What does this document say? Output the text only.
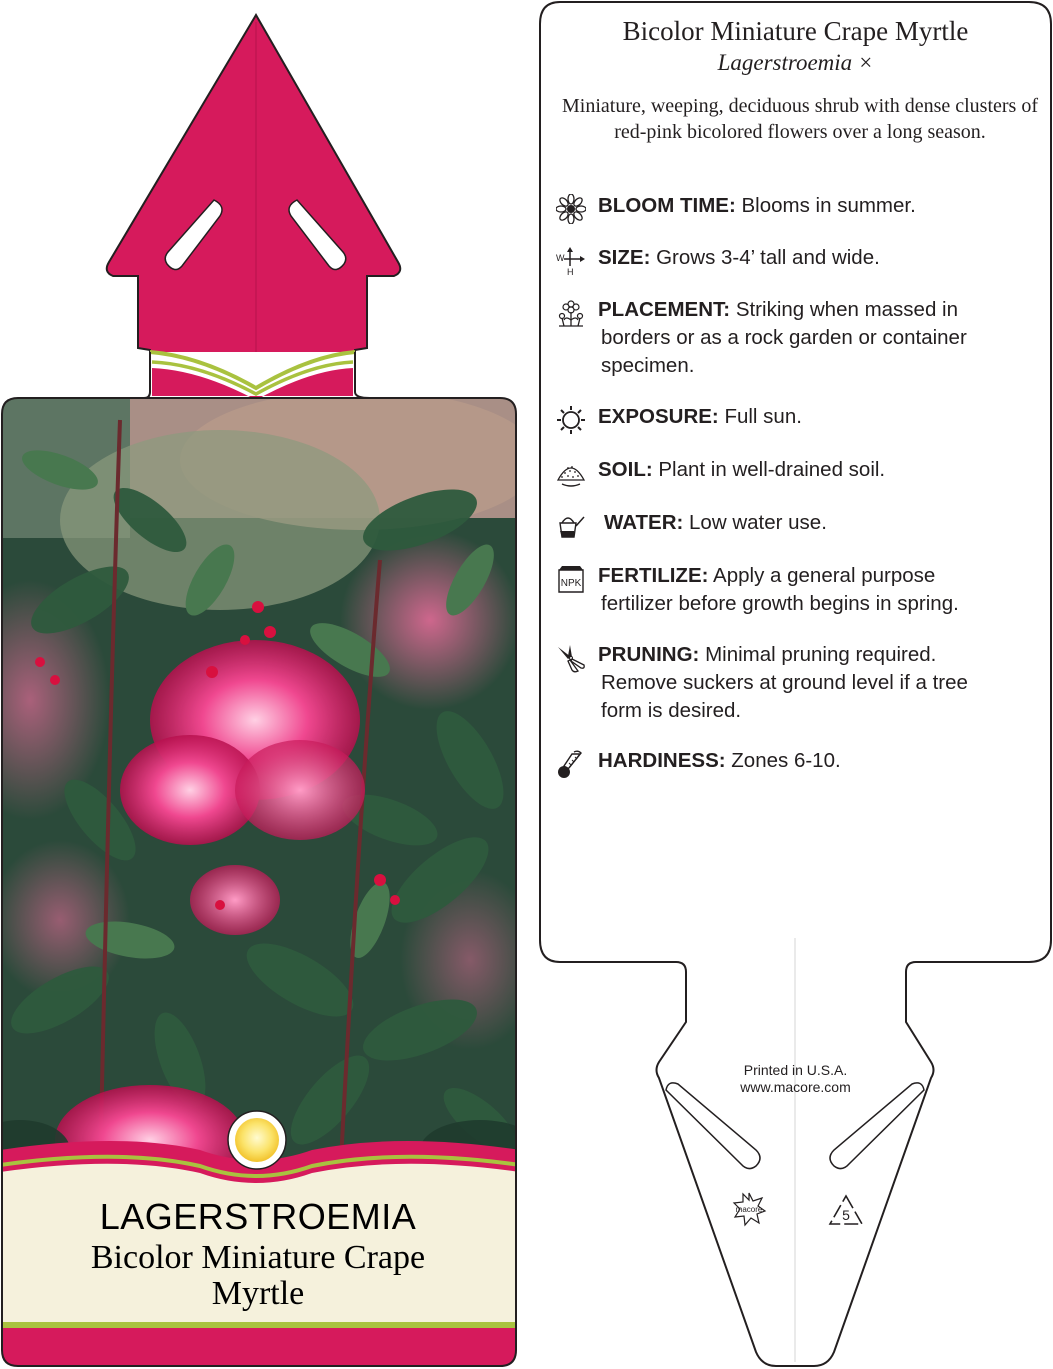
LAGERSTROEMIA
Bicolor Miniature Crape
Myrtle
macore	5
Bicolor Miniature Crape Myrtle
Lagerstroemia ×
Miniature, weeping, deciduous shrub with dense clusters of red-pink bicolored flowers over a long season.
BLOOM TIME: Blooms in summer.
W
H
SIZE: Grows 3-4’ tall and wide.
PLACEMENT: Striking when massed in
borders or as a rock garden or container
specimen.
EXPOSURE: Full sun.
SOIL: Plant in well-drained soil.
WATER: Low water use.
NPK FERTILIZE: Apply a general purpose
fertilizer before growth begins in spring.
PRUNING: Minimal pruning required.
Remove suckers at ground level if a tree
form is desired.
HARDINESS: Zones 6-10.
Printed in U.S.A.
www.macore.com
